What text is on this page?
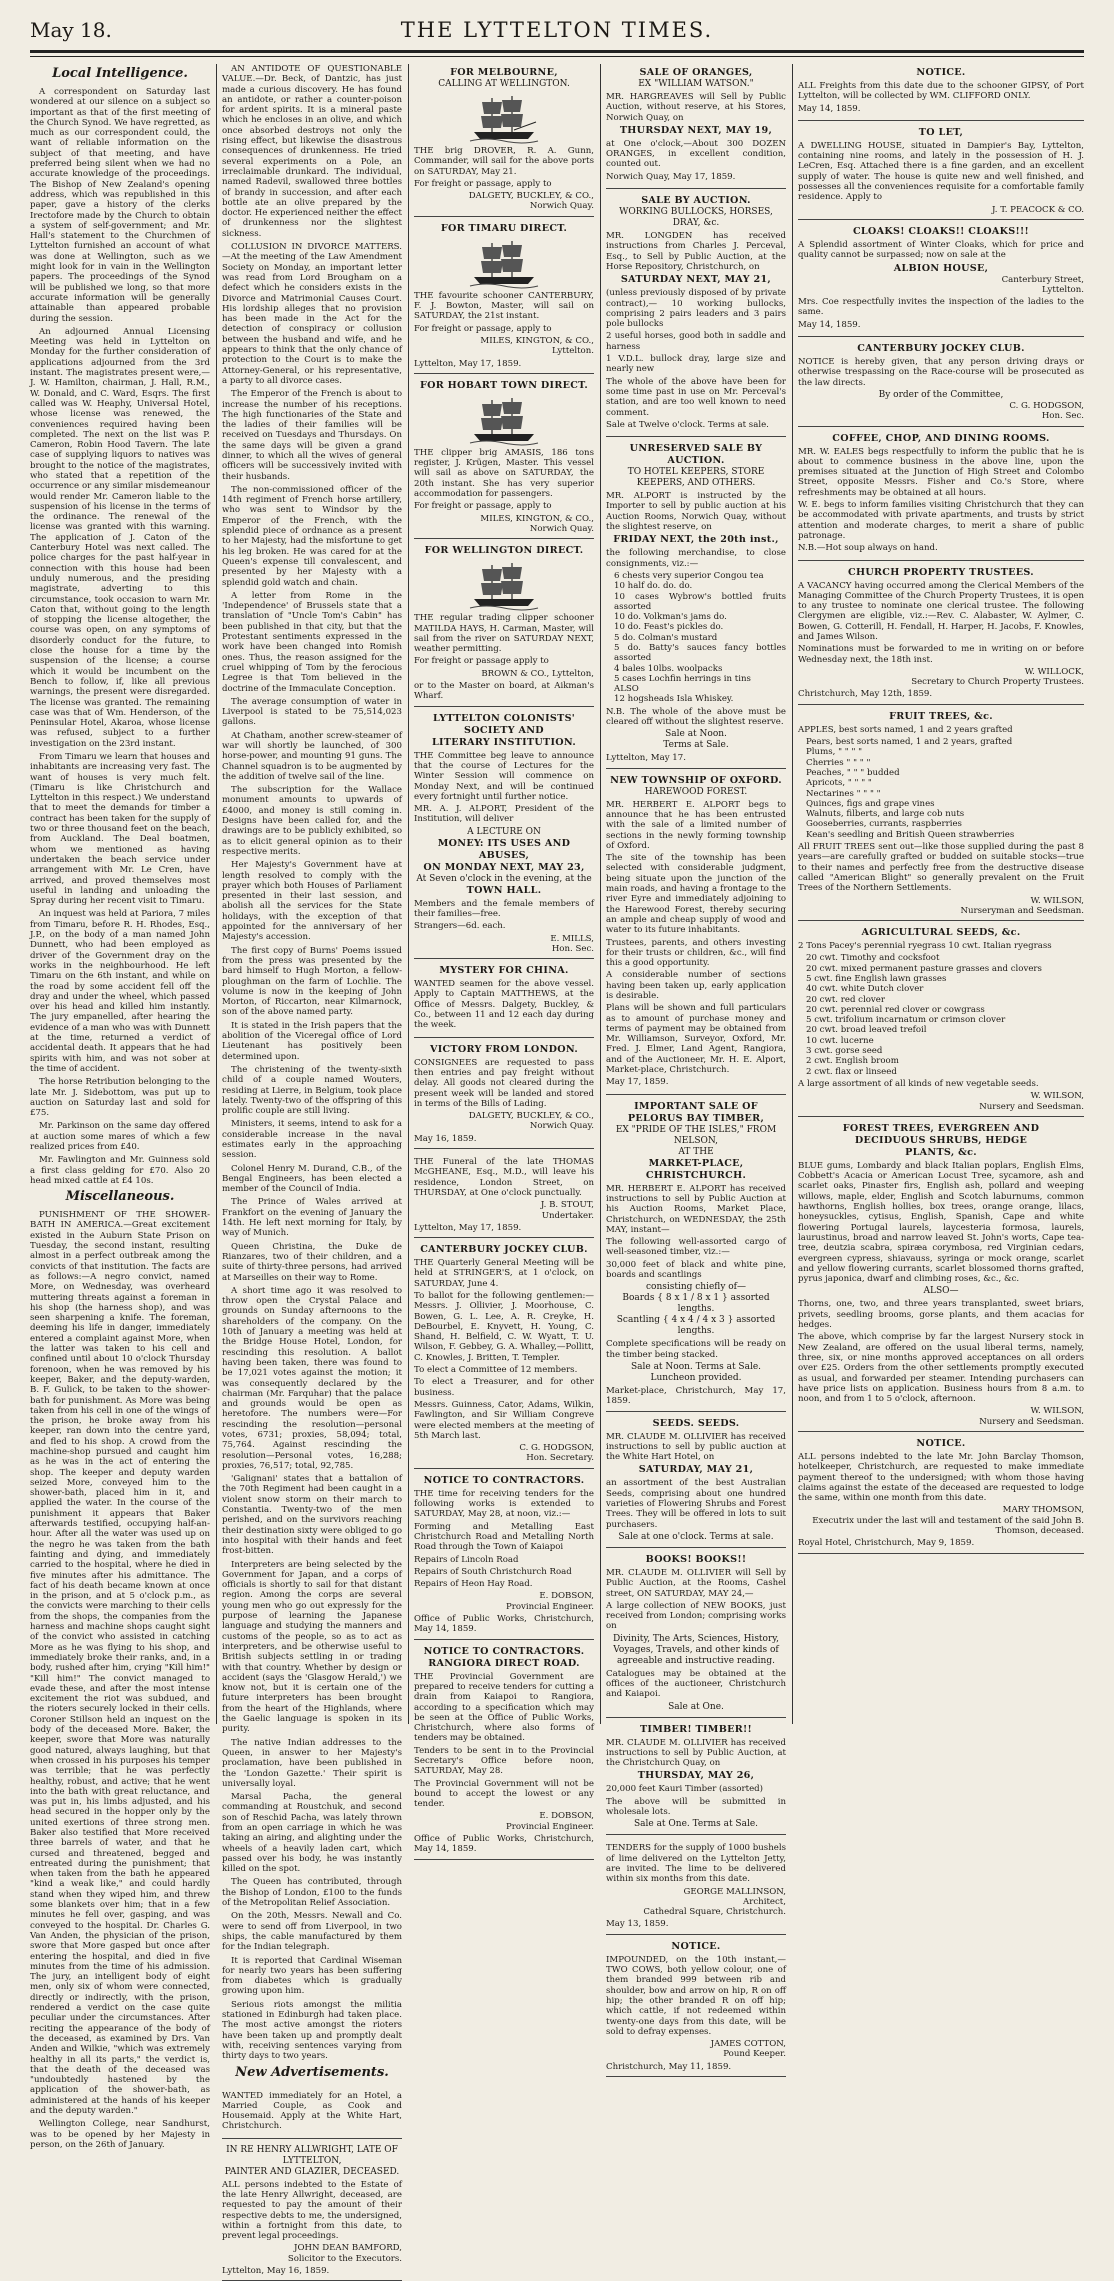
May 18.	THE LYTTELTON TIMES.
Local Intelligence.

A correspondent on Saturday last wondered at our silence on a subject so important as that of the first meeting of the Church Synod. We have regretted, as much as our correspondent could, the want of reliable information on the subject of that meeting, and have preferred being silent when we had no accurate knowledge of the proceedings. The Bishop of New Zealand's opening address, which was republished in this paper, gave a history of the clerks Irectofore made by the Church to obtain a system of self-government; and Mr. Hall's statement to the Churchmen of Lyttelton furnished an account of what was done at Wellington, such as we might look for in vain in the Wellington papers. The proceedings of the Synod will be published we long, so that more accurate information will be generally attainable than appeared probable during the session.

An adjourned Annual Licensing Meeting was held in Lyttelton on Monday for the further consideration of applications adjourned from the 3rd instant. The magistrates present were,—J. W. Hamilton, chairman, J. Hall, R.M., W. Donald, and C. Ward, Esqrs. The first called was W. Heaphy, Universal Hotel, whose license was renewed, the conveniences required having been completed. The next on the list was P. Cameron, Robin Hood Tavern. The late case of supplying liquors to natives was brought to the notice of the magistrates, who stated that a repetition of the occurrence or any similar misdemeanour would render Mr. Cameron liable to the suspension of his license in the terms of the ordinance. The renewal of the license was granted with this warning. The application of J. Caton of the Canterbury Hotel was next called. The police charges for the past half-year in connection with this house had been unduly numerous, and the presiding magistrate, adverting to this circumstance, took occasion to warn Mr. Caton that, without going to the length of stopping the license altogether, the course was open, on any symptoms of disorderly conduct for the future, to close the house for a time by the suspension of the license; a course which it would be incumbent on the Bench to follow, if, like all previous warnings, the present were disregarded. The license was granted. The remaining case was that of Wm. Henderson, of the Peninsular Hotel, Akaroa, whose license was refused, subject to a further investigation on the 23rd instant.

From Timaru we learn that houses and inhabitants are increasing very fast. The want of houses is very much felt. (Timaru is like Christchurch and Lyttelton in this respect.) We understand that to meet the demands for timber a contract has been taken for the supply of two or three thousand feet on the beach, from Auckland. The Deal boatmen, whom we mentioned as having undertaken the beach service under arrangement with Mr. Le Cren, have arrived, and proved themselves most useful in landing and unloading the Spray during her recent visit to Timaru.

An inquest was held at Pariora, 7 miles from Timaru, before R. H. Rhodes, Esq., J.P., on the body of a man named John Dunnett, who had been employed as driver of the Government dray on the works in the neighbourhood. He left Timaru on the 6th instant, and while on the road by some accident fell off the dray and under the wheel, which passed over his head and killed him instantly. The jury empanelled, after hearing the evidence of a man who was with Dunnett at the time, returned a verdict of accidental death. It appears that he had spirits with him, and was not sober at the time of accident.

The horse Retribution belonging to the late Mr. J. Sidebottom, was put up to auction on Saturday last and sold for £75.

Mr. Parkinson on the same day offered at auction some mares of which a few realized prices from £40.

Mr. Fawlington and Mr. Guinness sold a first class gelding for £70. Also 20 head mixed cattle at £4 10s.

Miscellaneous.

PUNISHMENT OF THE SHOWER-BATH IN AMERICA.—Great excitement existed in the Auburn State Prison on Tuesday, the second instant, resulting almost in a perfect outbreak among the convicts of that institution. The facts are as follows:—A negro convict, named More, on Wednesday, was overheard muttering threats against a foreman in his shop (the harness shop), and was seen sharpening a knife. The foreman, deeming his life in danger, immediately entered a complaint against More, when the latter was taken to his cell and confined until about 10 o'clock Thursday forenoon, when he was removed by his keeper, Baker, and the deputy-warden, B. F. Gulick, to be taken to the shower-bath for punishment. As More was being taken from his cell in one of the wings of the prison, he broke away from his keeper, ran down into the centre yard, and fled to his shop. A crowd from the machine-shop pursued and caught him as he was in the act of entering the shop. The keeper and deputy warden seized More, conveyed him to the shower-bath, placed him in it, and applied the water. In the course of the punishment it appears that Baker afterwards testified, occupying half-an-hour. After all the water was used up on the negro he was taken from the bath fainting and dying, and immediately carried to the hospital, where he died in five minutes after his admittance. The fact of his death became known at once in the prison, and at 5 o'clock p.m., as the convicts were marching to their cells from the shops, the companies from the harness and machine shops caught sight of the convict who assisted in catching More as he was flying to his shop, and immediately broke their ranks, and, in a body, rushed after him, crying "Kill him!" "Kill him!" The convict managed to evade these, and after the most intense excitement the riot was subdued, and the rioters securely locked in their cells. Coroner Stillson held an inquest on the body of the deceased More. Baker, the keeper, swore that More was naturally good natured, always laughing, but that when crossed in his purposes his temper was terrible; that he was perfectly healthy, robust, and active; that he went into the bath with great reluctance, and was put in, his limbs adjusted, and his head secured in the hopper only by the united exertions of three strong men. Baker also testified that More received three barrels of water, and that he cursed and threatened, begged and entreated during the punishment; that when taken from the bath he appeared "kind a weak like," and could hardly stand when they wiped him, and threw some blankets over him; that in a few minutes he fell over, gasping, and was conveyed to the hospital. Dr. Charles G. Van Anden, the physician of the prison, swore that More gasped but once after entering the hospital, and died in five minutes from the time of his admission. The jury, an intelligent body of eight men, only six of whom were connected, directly or indirectly, with the prison, rendered a verdict on the case quite peculiar under the circumstances. After reciting the appearance of the body of the deceased, as examined by Drs. Van Anden and Wilkie, "which was extremely healthy in all its parts," the verdict is, that the death of the deceased was "undoubtedly hastened by the application of the shower-bath, as administered at the hands of his keeper and the deputy warden."

Wellington College, near Sandhurst, was to be opened by her Majesty in person, on the 26th of January.

AN ANTIDOTE OF QUESTIONABLE VALUE.—Dr. Beck, of Dantzic, has just made a curious discovery. He has found an antidote, or rather a counter-poison for ardent spirits. It is a mineral paste which he encloses in an olive, and which once absorbed destroys not only the rising effect, but likewise the disastrous consequences of drunkenness. He tried several experiments on a Pole, an irreclaimable drunkard. The individual, named Radevil, swallowed three bottles of brandy in succession, and after each bottle ate an olive prepared by the doctor. He experienced neither the effect of drunkenness nor the slightest sickness.

COLLUSION IN DIVORCE MATTERS.—At the meeting of the Law Amendment Society on Monday, an important letter was read from Lord Brougham on a defect which he considers exists in the Divorce and Matrimonial Causes Court. His lordship alleges that no provision has been made in the Act for the detection of conspiracy or collusion between the husband and wife, and he appears to think that the only chance of protection to the Court is to make the Attorney-General, or his representative, a party to all divorce cases.

The Emperor of the French is about to increase the number of his receptions. The high functionaries of the State and the ladies of their families will be received on Tuesdays and Thursdays. On the same days will be given a grand dinner, to which all the wives of general officers will be successively invited with their husbands.

The non-commissioned officer of the 14th regiment of French horse artillery, who was sent to Windsor by the Emperor of the French, with the splendid piece of ordnance as a present to her Majesty, had the misfortune to get his leg broken. He was cared for at the Queen's expense till convalescent, and presented by her Majesty with a splendid gold watch and chain.

A letter from Rome in the 'Independence' of Brussels state that a translation of "Uncle Tom's Cabin" has been published in that city, but that the Protestant sentiments expressed in the work have been changed into Romish ones. Thus, the reason assigned for the cruel whipping of Tom by the ferocious Legree is that Tom believed in the doctrine of the Immaculate Conception.

The average consumption of water in Liverpool is stated to be 75,514,023 gallons.

At Chatham, another screw-steamer of war will shortly be launched, of 300 horse-power, and mounting 91 guns. The Channel squadron is to be augmented by the addition of twelve sail of the line.

The subscription for the Wallace monument amounts to upwards of £4000, and money is still coming in. Designs have been called for, and the drawings are to be publicly exhibited, so as to elicit general opinion as to their respective merits.

Her Majesty's Government have at length resolved to comply with the prayer which both Houses of Parliament presented in their last session, and abolish all the services for the State holidays, with the exception of that appointed for the anniversary of her Majesty's accession.

The first copy of Burns' Poems issued from the press was presented by the bard himself to Hugh Morton, a fellow-ploughman on the farm of Lochlie. The volume is now in the keeping of John Morton, of Riccarton, near Kilmarnock, son of the above named party.

It is stated in the Irish papers that the abolition of the Viceregal office of Lord Lieutenant has positively been determined upon.

The christening of the twenty-sixth child of a couple named Wouters, residing at Lierre, in Belgium, took place lately. Twenty-two of the offspring of this prolific couple are still living.

Ministers, it seems, intend to ask for a considerable increase in the naval estimates early in the approaching session.

Colonel Henry M. Durand, C.B., of the Bengal Engineers, has been elected a member of the Council of India.

The Prince of Wales arrived at Frankfort on the evening of January the 14th. He left next morning for Italy, by way of Munich.

Queen Christina, the Duke de Rianzares, two of their children, and a suite of thirty-three persons, had arrived at Marseilles on their way to Rome.

A short time ago it was resolved to throw open the Crystal Palace and grounds on Sunday afternoons to the shareholders of the company. On the 10th of January a meeting was held at the Bridge House Hotel, London, for rescinding this resolution. A ballot having been taken, there was found to be 17,021 votes against the motion; it was consequently declared by the chairman (Mr. Farquhar) that the palace and grounds would be open as heretofore. The numbers were—For rescinding the resolution—personal votes, 6731; proxies, 58,094; total, 75,764. Against rescinding the resolution—Personal votes, 16,288; proxies, 76,517; total, 92,785.

'Galignani' states that a battalion of the 70th Regiment had been caught in a violent snow storm on their march to Constantia. Twenty-two of the men perished, and on the survivors reaching their destination sixty were obliged to go into hospital with their hands and feet frost-bitten.

Interpreters are being selected by the Government for Japan, and a corps of officials is shortly to sail for that distant region. Among the corps are several young men who go out expressly for the purpose of learning the Japanese language and studying the manners and customs of the people, so as to act as interpreters, and be otherwise useful to British subjects settling in or trading with that country. Whether by design or accident (says the 'Glasgow Herald,') we know not, but it is certain one of the future interpreters has been brought from the heart of the Highlands, where the Gaelic language is spoken in its purity.

The native Indian addresses to the Queen, in answer to her Majesty's proclamation, have been published in the 'London Gazette.' Their spirit is universally loyal.

Marsal Pacha, the general commanding at Roustchuk, and second son of Reschid Pacha, was lately thrown from an open carriage in which he was taking an airing, and alighting under the wheels of a heavily laden cart, which passed over his body, he was instantly killed on the spot.

The Queen has contributed, through the Bishop of London, £100 to the funds of the Metropolitan Relief Association.

On the 20th, Messrs. Newall and Co. were to send off from Liverpool, in two ships, the cable manufactured by them for the Indian telegraph.

It is reported that Cardinal Wiseman for nearly two years has been suffering from diabetes which is gradually growing upon him.

Serious riots amongst the militia stationed in Edinburgh had taken place. The most active amongst the rioters have been taken up and promptly dealt with, receiving sentences varying from thirty days to two years.

New Advertisements.

WANTED immediately for an Hotel, a Married Couple, as Cook and Housemaid. Apply at the White Hart, Christchurch.

IN RE HENRY ALLWRIGHT, LATE OF LYTTELTON,
PAINTER AND GLAZIER, DECEASED.

ALL persons indebted to the Estate of the late Henry Allwright, deceased, are requested to pay the amount of their respective debts to me, the undersigned, within a fortnight from this date, to prevent legal proceedings.

JOHN DEAN BAMFORD,
Solicitor to the Executors.
Lyttelton, May 16, 1859.
FOR MELBOURNE,
CALLING AT WELLINGTON.

THE brig DROVER, R. A. Gunn, Commander, will sail for the above ports on SATURDAY, May 21.

For freight or passage, apply to

DALGETY, BUCKLEY, & CO.,
Norwich Quay.
FOR TIMARU DIRECT.

THE favourite schooner CANTERBURY, F. J. Bowton, Master, will sail on SATURDAY, the 21st instant.

For freight or passage, apply to

MILES, KINGTON, & CO.,
Lyttelton.
Lyttelton, May 17, 1859.
FOR HOBART TOWN DIRECT.

THE clipper brig AMASIS, 186 tons register, J. Krügen, Master. This vessel will sail as above on SATURDAY, the 20th instant. She has very superior accommodation for passengers.

For freight or passage, apply to

MILES, KINGTON, & CO.,
Norwich Quay.
FOR WELLINGTON DIRECT.

THE regular trading clipper schooner MATILDA HAYS, H. Carman, Master, will sail from the river on SATURDAY NEXT, weather permitting.

For freight or passage apply to

BROWN & CO., Lyttelton,
or to the Master on board, at Aikman's Wharf.
LYTTELTON COLONISTS' SOCIETY AND
LITERARY INSTITUTION.

THE Committee beg leave to announce that the course of Lectures for the Winter Session will commence on Monday Next, and will be continued every fortnight until further notice.

MR. A. J. ALPORT, President of the Institution, will deliver

A LECTURE ON
MONEY: ITS USES AND ABUSES,
ON MONDAY NEXT, MAY 23,
At Seven o'clock in the evening, at the
TOWN HALL.

Members and the female members of their families—free.

Strangers—6d. each.

E. MILLS,
Hon. Sec.
MYSTERY FOR CHINA.

WANTED seamen for the above vessel. Apply to Captain MATTHEWS, at the Office of Messrs. Dalgety, Buckley, & Co., between 11 and 12 each day during the week.

VICTORY FROM LONDON.

CONSIGNEES are requested to pass then entries and pay freight without delay. All goods not cleared during the present week will be landed and stored in terms of the Bills of Lading.

DALGETY, BUCKLEY, & CO.,
Norwich Quay.
May 16, 1859.

THE Funeral of the late THOMAS McGHEANE, Esq., M.D., will leave his residence, London Street, on THURSDAY, at One o'clock punctually.

J. B. STOUT,
Undertaker.
Lyttelton, May 17, 1859.
CANTERBURY JOCKEY CLUB.

THE Quarterly General Meeting will be held at STRINGER'S, at 1 o'clock, on SATURDAY, June 4.

To ballot for the following gentlemen:—Messrs. J. Ollivier, J. Moorhouse, C. Bowen, G. L. Lee, A. R. Creyke, H. DeBourbel, E. Knyvett, H. Young, C. Shand, H. Belfield, C. W. Wyatt, T. U. Wilson, F. Gebbey, G. A. Whalley,—Pollitt, C. Knowles, J. Britten, T. Templer.

To elect a Committee of 12 members.

To elect a Treasurer, and for other business.

Messrs. Guinness, Cator, Adams, Wilkin, Fawlington, and Sir William Congreve were elected members at the meeting of 5th March last.

C. G. HODGSON,
Hon. Secretary.
NOTICE TO CONTRACTORS.

THE time for receiving tenders for the following works is extended to SATURDAY, May 28, at noon, viz.:—

Forming and Metalling East Christchurch Road and Metalling North Road through the Town of Kaiapoi

Repairs of Lincoln Road

Repairs of South Christchurch Road

Repairs of Heon Hay Road.

E. DOBSON,
Provincial Engineer.
Office of Public Works, Christchurch, May 14, 1859.
NOTICE TO CONTRACTORS.
RANGIORA DIRECT ROAD.

THE Provincial Government are prepared to receive tenders for cutting a drain from Kaiapoi to Rangiora, according to a specification which may be seen at the Office of Public Works, Christchurch, where also forms of tenders may be obtained.

Tenders to be sent in to the Provincial Secretary's Office before noon, SATURDAY, May 28.

The Provincial Government will not be bound to accept the lowest or any tender.

E. DOBSON,
Provincial Engineer.
Office of Public Works, Christchurch, May 14, 1859.
SALE OF ORANGES,
EX "WILLIAM WATSON."

MR. HARGREAVES will Sell by Public Auction, without reserve, at his Stores, Norwich Quay, on

THURSDAY NEXT, MAY 19,

at One o'clock,—About 300 DOZEN ORANGES, in excellent condition, counted out.

Norwich Quay, May 17, 1859.

SALE BY AUCTION.
WORKING BULLOCKS, HORSES, DRAY, &c.

MR. LONGDEN has received instructions from Charles J. Perceval, Esq., to Sell by Public Auction, at the Horse Repository, Christchurch, on

SATURDAY NEXT, MAY 21,

(unless previously disposed of by private contract),— 10 working bullocks, comprising 2 pairs leaders and 3 pairs pole bullocks

2 useful horses, good both in saddle and harness

1 V.D.L. bullock dray, large size and nearly new

The whole of the above have been for some time past in use on Mr. Perceval's station, and are too well known to need comment.

Sale at Twelve o'clock. Terms at sale.

UNRESERVED SALE BY AUCTION.
TO HOTEL KEEPERS, STORE KEEPERS, AND OTHERS.

MR. ALPORT is instructed by the Importer to sell by public auction at his Auction Rooms, Norwich Quay, without the slightest reserve, on

FRIDAY NEXT, the 20th inst.,

the following merchandise, to close consignments, viz.:—

6 chests very superior Congou tea
10 half do. do. do.
10 cases Wybrow's bottled fruits assorted
10 do. Volkman's jams do.
10 do. Feast's pickles do.
5 do. Colman's mustard
5 do. Batty's sauces fancy bottles assorted
4 bales 10lbs. woolpacks
5 cases Lochfin herrings in tins
ALSO
12 hogsheads Isla Whiskey.

N.B. The whole of the above must be cleared off without the slightest reserve.

Sale at Noon.
Terms at Sale.
Lyttelton, May 17.
NEW TOWNSHIP OF OXFORD.
HAREWOOD FOREST.

MR. HERBERT E. ALPORT begs to announce that he has been entrusted with the sale of a limited number of sections in the newly forming township of Oxford.

The site of the township has been selected with considerable judgment, being situate upon the junction of the main roads, and having a frontage to the river Eyre and immediately adjoining to the Harewood Forest, thereby securing an ample and cheap supply of wood and water to its future inhabitants.

Trustees, parents, and others investing for their trusts or children, &c., will find this a good opportunity.

A considerable number of sections having been taken up, early application is desirable.

Plans will be shown and full particulars as to amount of purchase money and terms of payment may be obtained from Mr. Williamson, Surveyor, Oxford, Mr. Fred. J. Elmer, Land Agent, Rangiora, and of the Auctioneer, Mr. H. E. Alport, Market-place, Christchurch.

May 17, 1859.

IMPORTANT SALE OF
PELORUS BAY TIMBER,
EX "PRIDE OF THE ISLES," FROM NELSON,
AT THE
MARKET-PLACE, CHRISTCHURCH.

MR. HERBERT E. ALPORT has received instructions to sell by Public Auction at his Auction Rooms, Market Place, Christchurch, on WEDNESDAY, the 25th MAY, instant—

The following well-assorted cargo of well-seasoned timber, viz.:—

30,000 feet of black and white pine, boards and scantlings

consisting chiefly of—
Boards { 8 x 1 / 8 x 1 } assorted lengths.
Scantling { 4 x 4 / 4 x 3 } assorted lengths.

Complete specifications will be ready on the timber being stacked.

Sale at Noon. Terms at Sale.
Luncheon provided.
Market-place, Christchurch, May 17, 1859.
SEEDS. SEEDS.

MR. CLAUDE M. OLLIVIER has received instructions to sell by public auction at the White Hart Hotel, on

SATURDAY, MAY 21,

an assortment of the best Australian Seeds, comprising about one hundred varieties of Flowering Shrubs and Forest Trees. They will be offered in lots to suit purchasers.

Sale at one o'clock. Terms at sale.
BOOKS! BOOKS!!

MR. CLAUDE M. OLLIVIER will Sell by Public Auction, at the Rooms, Cashel street, ON SATURDAY, MAY 24,—

A large collection of NEW BOOKS, just received from London; comprising works on

Divinity, The Arts, Sciences, History, Voyages, Travels, and other kinds of agreeable and instructive reading.

Catalogues may be obtained at the offices of the auctioneer, Christchurch and Kaiapoi.

Sale at One.
TIMBER! TIMBER!!

MR. CLAUDE M. OLLIVIER has received instructions to sell by Public Auction, at the Christchurch Quay, on

THURSDAY, MAY 26,

20,000 feet Kauri Timber (assorted)

The above will be submitted in wholesale lots.

Sale at One. Terms at Sale.

TENDERS for the supply of 1000 bushels of lime delivered on the Lyttelton Jetty, are invited. The lime to be delivered within six months from this date.

GEORGE MALLINSON,
Architect,
Cathedral Square, Christchurch.
May 13, 1859.
NOTICE.

IMPOUNDED, on the 10th instant,—TWO COWS, both yellow colour, one of them branded 999 between rib and shoulder, bow and arrow on hip, R on off hip; the other branded R on off hip; which cattle, if not redeemed within twenty-one days from this date, will be sold to defray expenses.

JAMES COTTON,
Pound Keeper.
Christchurch, May 11, 1859.
NOTICE.

ALL Freights from this date due to the schooner GIPSY, of Port Lyttelton, will be collected by WM. CLIFFORD ONLY.

May 14, 1859.

TO LET,

A DWELLING HOUSE, situated in Dampier's Bay, Lyttelton, containing nine rooms, and lately in the possession of H. J. LeCren, Esq. Attached there is a fine garden, and an excellent supply of water. The house is quite new and well finished, and possesses all the conveniences requisite for a comfortable family residence. Apply to

J. T. PEACOCK & CO.
CLOAKS! CLOAKS!! CLOAKS!!!

A Splendid assortment of Winter Cloaks, which for price and quality cannot be surpassed; now on sale at the

ALBION HOUSE,
Canterbury Street,
Lyttelton.

Mrs. Coe respectfully invites the inspection of the ladies to the same.

May 14, 1859.

CANTERBURY JOCKEY CLUB.

NOTICE is hereby given, that any person driving drays or otherwise trespassing on the Race-course will be prosecuted as the law directs.

By order of the Committee,
C. G. HODGSON,
Hon. Sec.
COFFEE, CHOP, AND DINING ROOMS.

MR. W. EALES begs respectfully to inform the public that he is about to commence business in the above line, upon the premises situated at the Junction of High Street and Colombo Street, opposite Messrs. Fisher and Co.'s Store, where refreshments may be obtained at all hours.

W. E. begs to inform families visiting Christchurch that they can be accommodated with private apartments, and trusts by strict attention and moderate charges, to merit a share of public patronage.

N.B.—Hot soup always on hand.

CHURCH PROPERTY TRUSTEES.

A VACANCY having occurred among the Clerical Members of the Managing Committee of the Church Property Trustees, it is open to any trustee to nominate one clerical trustee. The following Clergymen are eligible, viz.:—Rev. C. Alabaster, W. Aylmer, C. Bowen, G. Cotterill, H. Fendall, H. Harper, H. Jacobs, F. Knowles, and James Wilson.

Nominations must be forwarded to me in writing on or before Wednesday next, the 18th inst.

W. WILLOCK,
Secretary to Church Property Trustees.
Christchurch, May 12th, 1859.
FRUIT TREES, &c.

APPLES, best sorts named, 1 and 2 years grafted

Pears, best sorts named, 1 and 2 years, grafted
Plums, " " " "
Cherries " " " "
Peaches, " " " budded
Apricots, " " " "
Nectarines " " " "
Quinces, figs and grape vines
Walnuts, filberts, and large cob nuts
Gooseberries, currants, raspberries
Kean's seedling and British Queen strawberries

All FRUIT TREES sent out—like those supplied during the past 8 years—are carefully grafted or budded on suitable stocks—true to their names and perfectly free from the destructive disease called "American Blight" so generally prevalent on the Fruit Trees of the Northern Settlements.

W. WILSON,
Nurseryman and Seedsman.
AGRICULTURAL SEEDS, &c.

2 Tons Pacey's perennial ryegrass 10 cwt. Italian ryegrass

20 cwt. Timothy and cocksfoot
20 cwt. mixed permanent pasture grasses and clovers
5 cwt. fine English lawn grasses
40 cwt. white Dutch clover
20 cwt. red clover
20 cwt. perennial red clover or cowgrass
5 cwt. trifolium incarnatum or crimson clover
20 cwt. broad leaved trefoil
10 cwt. lucerne
3 cwt. gorse seed
2 cwt. English broom
2 cwt. flax or linseed

A large assortment of all kinds of new vegetable seeds.

W. WILSON,
Nursery and Seedsman.
FOREST TREES, EVERGREEN AND
DECIDUOUS SHRUBS, HEDGE
PLANTS, &c.

BLUE gums, Lombardy and black Italian poplars, English Elms, Cobbett's Acacia or American Locust Tree, sycamore, ash and scarlet oaks, Pinaster firs, English ash, pollard and weeping willows, maple, elder, English and Scotch laburnums, common hawthorns, English hollies, box trees, orange orange, lilacs, honeysuckles, cytisus, English, Spanish, Cape and white flowering Portugal laurels, laycesteria formosa, laurels, laurustinus, broad and narrow leaved St. John's worts, Cape tea-tree, deutzia scabra, spiræa corymbosa, red Virginian cedars, evergreen cypress, shiavauss, syringa or mock orange, scarlet and yellow flowering currants, scarlet blossomed thorns grafted, pyrus japonica, dwarf and climbing roses, &c., &c.

ALSO—

Thorns, one, two, and three years transplanted, sweet briars, privets, seedling brooms, gorse plants, and them acacias for hedges.

The above, which comprise by far the largest Nursery stock in New Zealand, are offered on the usual liberal terms, namely, three, six, or nine months approved acceptances on all orders over £25. Orders from the other settlements promptly executed as usual, and forwarded per steamer. Intending purchasers can have price lists on application. Business hours from 8 a.m. to noon, and from 1 to 5 o'clock, afternoon.

W. WILSON,
Nursery and Seedsman.
NOTICE.

ALL persons indebted to the late Mr. John Barclay Thomson, hotelkeeper, Christchurch, are requested to make immediate payment thereof to the undersigned; with whom those having claims against the estate of the deceased are requested to lodge the same, within one month from this date.

MARY THOMSON,
Executrix under the last will and testament of the said John B. Thomson, deceased.
Royal Hotel, Christchurch, May 9, 1859.
